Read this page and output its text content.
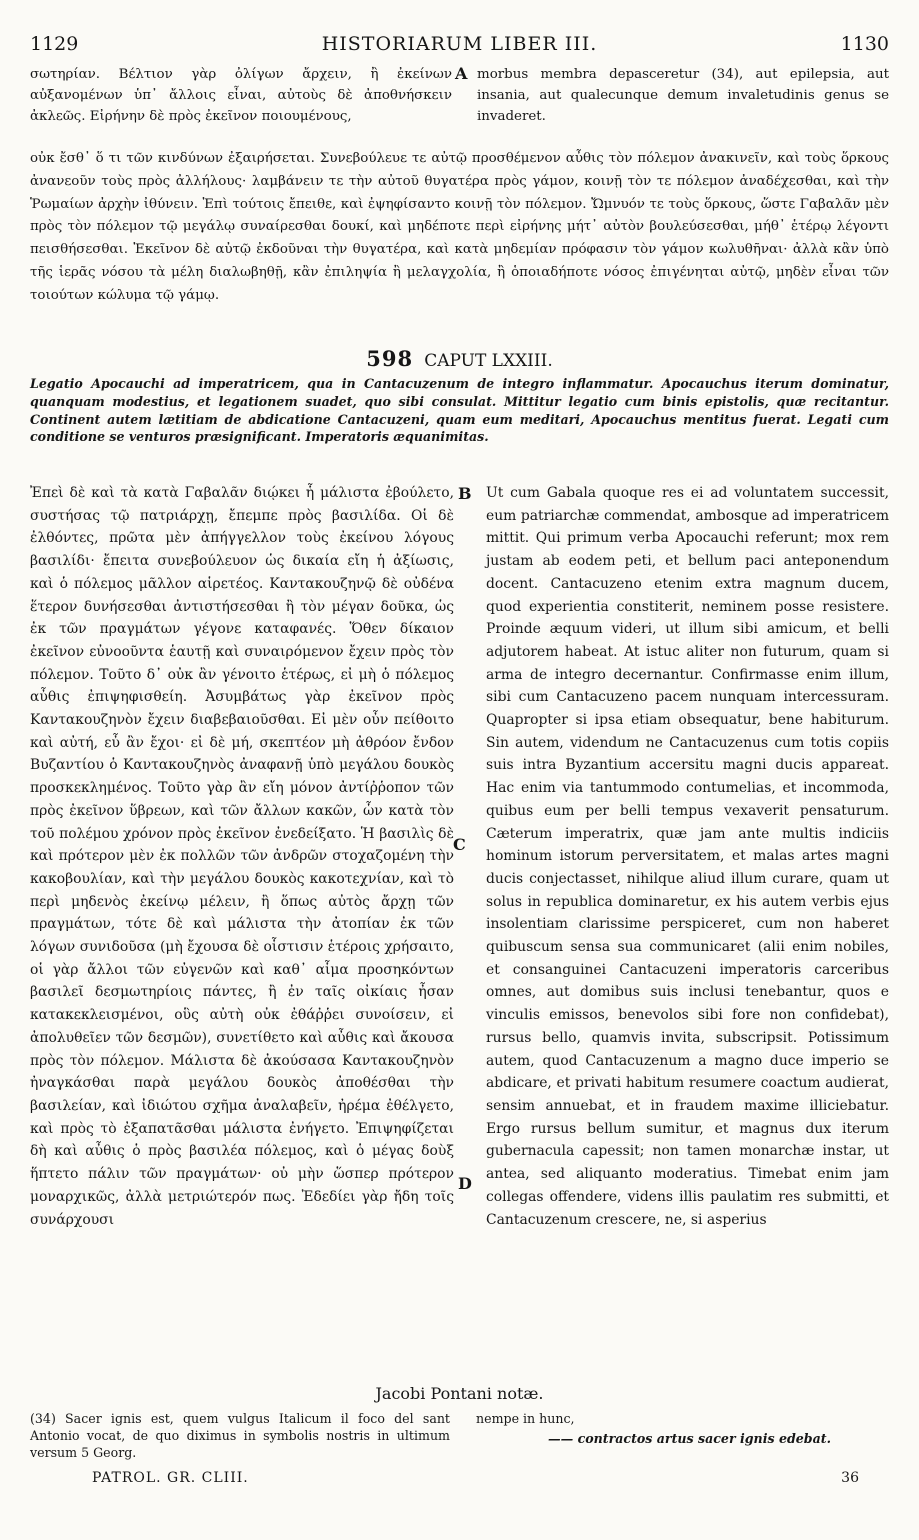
1129	HISTORIARUM LIBER III.	1130
σωτηρίαν. Βέλτιον γὰρ ὀλίγων ἄρχειν, ἢ ἐκείνων αὐξανομένων ὑπ᾽ ἄλλοις εἶναι, αὐτοὺς δὲ ἀποθνήσκειν ἀκλεῶς. Εἰρήνην δὲ πρὸς ἐκεῖνον ποιουμένους,
A morbus membra depasceretur (34), aut epilepsia, aut insania, aut qualecunque demum invaletudinis genus se invaderet.
οὐκ ἔσθ᾽ ὅ τι τῶν κινδύνων ἐξαιρήσεται. Συνεβούλευε τε αὐτῷ προσθέμενον αὖθις τὸν πόλεμον ἀνακινεῖν, καὶ τοὺς ὅρκους ἀνανεοῦν τοὺς πρὸς ἀλλήλους· λαμβάνειν τε τὴν αὐτοῦ θυγατέρα πρὸς γάμον, κοινῇ τὸν τε πόλεμον ἀναδέχεσθαι, καὶ τὴν Ῥωμαίων ἀρχὴν ἰθύνειν. Ἐπὶ τούτοις ἔπειθε, καὶ ἐψηφίσαντο κοινῇ τὸν πόλεμον. Ὤμνυόν τε τοὺς ὅρκους, ὥστε Γαβαλᾶν μὲν πρὸς τὸν πόλεμον τῷ μεγάλῳ συναίρεσθαι δουκί, καὶ μηδέποτε περὶ εἰρήνης μήτ᾽ αὐτὸν βουλεύσεσθαι, μήθ᾽ ἑτέρῳ λέγοντι πεισθήσεσθαι. Ἐκεῖνον δὲ αὐτῷ ἐκδοῦναι τὴν θυγατέρα, καὶ κατὰ μηδεμίαν πρόφασιν τὸν γάμον κωλυθῆναι· ἀλλὰ κἂν ὑπὸ τῆς ἱερᾶς νόσου τὰ μέλη διαλωβηθῇ, κἂν ἐπιληψία ἢ μελαγχολία, ἢ ὁποιαδήποτε νόσος ἐπιγένηται αὐτῷ, μηδὲν εἶναι τῶν τοιούτων κώλυμα τῷ γάμῳ.
598 CAPUT LXXIII.
Legatio Apocauchi ad imperatricem, qua in Cantacuzenum de integro inflammatur. Apocauchus iterum dominatur, quanquam modestius, et legationem suadet, quo sibi consulat. Mittitur legatio cum binis epistolis, quæ recitantur. Continent autem lætitiam de abdicatione Cantacuzeni, quam eum meditari, Apocauchus mentitus fuerat. Legati cum conditione se venturos præsignificant. Imperatoris æquanimitas.
Ἐπεὶ δὲ καὶ τὰ κατὰ Γαβαλᾶν διῴκει ἧ μάλιστα ἐβούλετο, συστήσας τῷ πατριάρχῃ, ἔπεμπε πρὸς βασιλίδα. Οἱ δὲ ἐλθόντες, πρῶτα μὲν ἀπήγγελλον τοὺς ἐκείνου λόγους βασιλίδι· ἔπειτα συνεβούλευον ὡς δικαία εἴη ἡ ἀξίωσις, καὶ ὁ πόλεμος μᾶλλον αἱρετέος. Καντακουζηνῷ δὲ οὐδένα ἕτερον δυνήσεσθαι ἀντιστήσεσθαι ἢ τὸν μέγαν δοῦκα, ὡς ἐκ τῶν πραγμάτων γέγονε καταφανές. Ὅθεν δίκαιον ἐκεῖνον εὐνοοῦντα ἑαυτῇ καὶ συναιρόμενον ἔχειν πρὸς τὸν πόλεμον. Τοῦτο δ᾽ οὐκ ἂν γένοιτο ἑτέρως, εἰ μὴ ὁ πόλεμος αὖθις ἐπιψηφισθείη. Ἀσυμβάτως γὰρ ἐκεῖνον πρὸς Καντακουζηνὸν ἔχειν διαβεβαιοῦσθαι. Εἰ μὲν οὖν πείθοιτο καὶ αὐτή, εὖ ἂν ἔχοι· εἰ δὲ μή, σκεπτέον μὴ ἀθρόον ἔνδον Βυζαντίου ὁ Καντακουζηνὸς ἀναφανῇ ὑπὸ μεγάλου δουκὸς προσκεκλημένος. Τοῦτο γὰρ ἂν εἴη μόνον ἀντίῤῥοπον τῶν πρὸς ἐκεῖνον ὕβρεων, καὶ τῶν ἄλλων κακῶν, ὧν κατὰ τὸν τοῦ πολέμου χρόνον πρὸς ἐκεῖνον ἐνεδείξατο. Ἡ βασιλὶς δὲ καὶ πρότερον μὲν ἐκ πολλῶν τῶν ἀνδρῶν στοχαζομένη τὴν κακοβουλίαν, καὶ τὴν μεγάλου δουκὸς κακοτεχνίαν, καὶ τὸ περὶ μηδενὸς ἐκείνῳ μέλειν, ἢ ὅπως αὐτὸς ἄρχῃ τῶν πραγμάτων, τότε δὲ καὶ μάλιστα τὴν ἀτοπίαν ἐκ τῶν λόγων συνιδοῦσα (μὴ ἔχουσα δὲ οἷστισιν ἑτέροις χρήσαιτο, οἱ γὰρ ἄλλοι τῶν εὐγενῶν καὶ καθ᾽ αἷμα προσηκόντων βασιλεῖ δεσμωτηρίοις πάντες, ἢ ἐν ταῖς οἰκίαις ἦσαν κατακεκλεισμένοι, οὓς αὐτὴ οὐκ ἐθάῤῥει συνοίσειν, εἰ ἀπολυθεῖεν τῶν δεσμῶν), συνετίθετο καὶ αὖθις καὶ ἄκουσα πρὸς τὸν πόλεμον. Μάλιστα δὲ ἀκούσασα Καντακουζηνὸν ἠναγκάσθαι παρὰ μεγάλου δουκὸς ἀποθέσθαι τὴν βασιλείαν, καὶ ἰδιώτου σχῆμα ἀναλαβεῖν, ἠρέμα ἐθέλγετο, καὶ πρὸς τὸ ἐξαπατᾶσθαι μάλιστα ἐνήγετο. Ἐπιψηφίζεται δὴ καὶ αὖθις ὁ πρὸς βασιλέα πόλεμος, καὶ ὁ μέγας δοὺξ ἥπτετο πάλιν τῶν πραγμάτων· οὐ μὴν ὥσπερ πρότερον μοναρχικῶς, ἀλλὰ μετριώτερόν πως. Ἐδεδίει γὰρ ἤδη τοῖς συνάρχουσι
B
C
D
Ut cum Gabala quoque res ei ad voluntatem successit, eum patriarchæ commendat, ambosque ad imperatricem mittit. Qui primum verba Apocauchi referunt; mox rem justam ab eodem peti, et bellum paci anteponendum docent. Cantacuzeno etenim extra magnum ducem, quod experientia constiterit, neminem posse resistere. Proinde æquum videri, ut illum sibi amicum, et belli adjutorem habeat. At istuc aliter non futurum, quam si arma de integro decernantur. Confirmasse enim illum, sibi cum Cantacuzeno pacem nunquam intercessuram. Quapropter si ipsa etiam obsequatur, bene habiturum. Sin autem, videndum ne Cantacuzenus cum totis copiis suis intra Byzantium accersitu magni ducis appareat. Hac enim via tantummodo contumelias, et incommoda, quibus eum per belli tempus vexaverit pensaturum. Cæterum imperatrix, quæ jam ante multis indiciis hominum istorum perversitatem, et malas artes magni ducis conjectasset, nihilque aliud illum curare, quam ut solus in republica dominaretur, ex his autem verbis ejus insolentiam clarissime perspiceret, cum non haberet quibuscum sensa sua communicaret (alii enim nobiles, et consanguinei Cantacuzeni imperatoris carceribus omnes, aut domibus suis inclusi tenebantur, quos e vinculis emissos, benevolos sibi fore non confidebat), rursus bello, quamvis invita, subscripsit. Potissimum autem, quod Cantacuzenum a magno duce imperio se abdicare, et privati habitum resumere coactum audierat, sensim annuebat, et in fraudem maxime illiciebatur. Ergo rursus bellum sumitur, et magnus dux iterum gubernacula capessit; non tamen monarchæ instar, ut antea, sed aliquanto moderatius. Timebat enim jam collegas offendere, videns illis paulatim res submitti, et Cantacuzenum crescere, ne, si asperius
Jacobi Pontani notæ.
(34) Sacer ignis est, quem vulgus Italicum il foco del sant Antonio vocat, de quo diximus in symbolis nostris in ultimum versum 5 Georg.
nempe in hunc,
—— contractos artus sacer ignis edebat.
PATROL. GR. CLIII.	36
